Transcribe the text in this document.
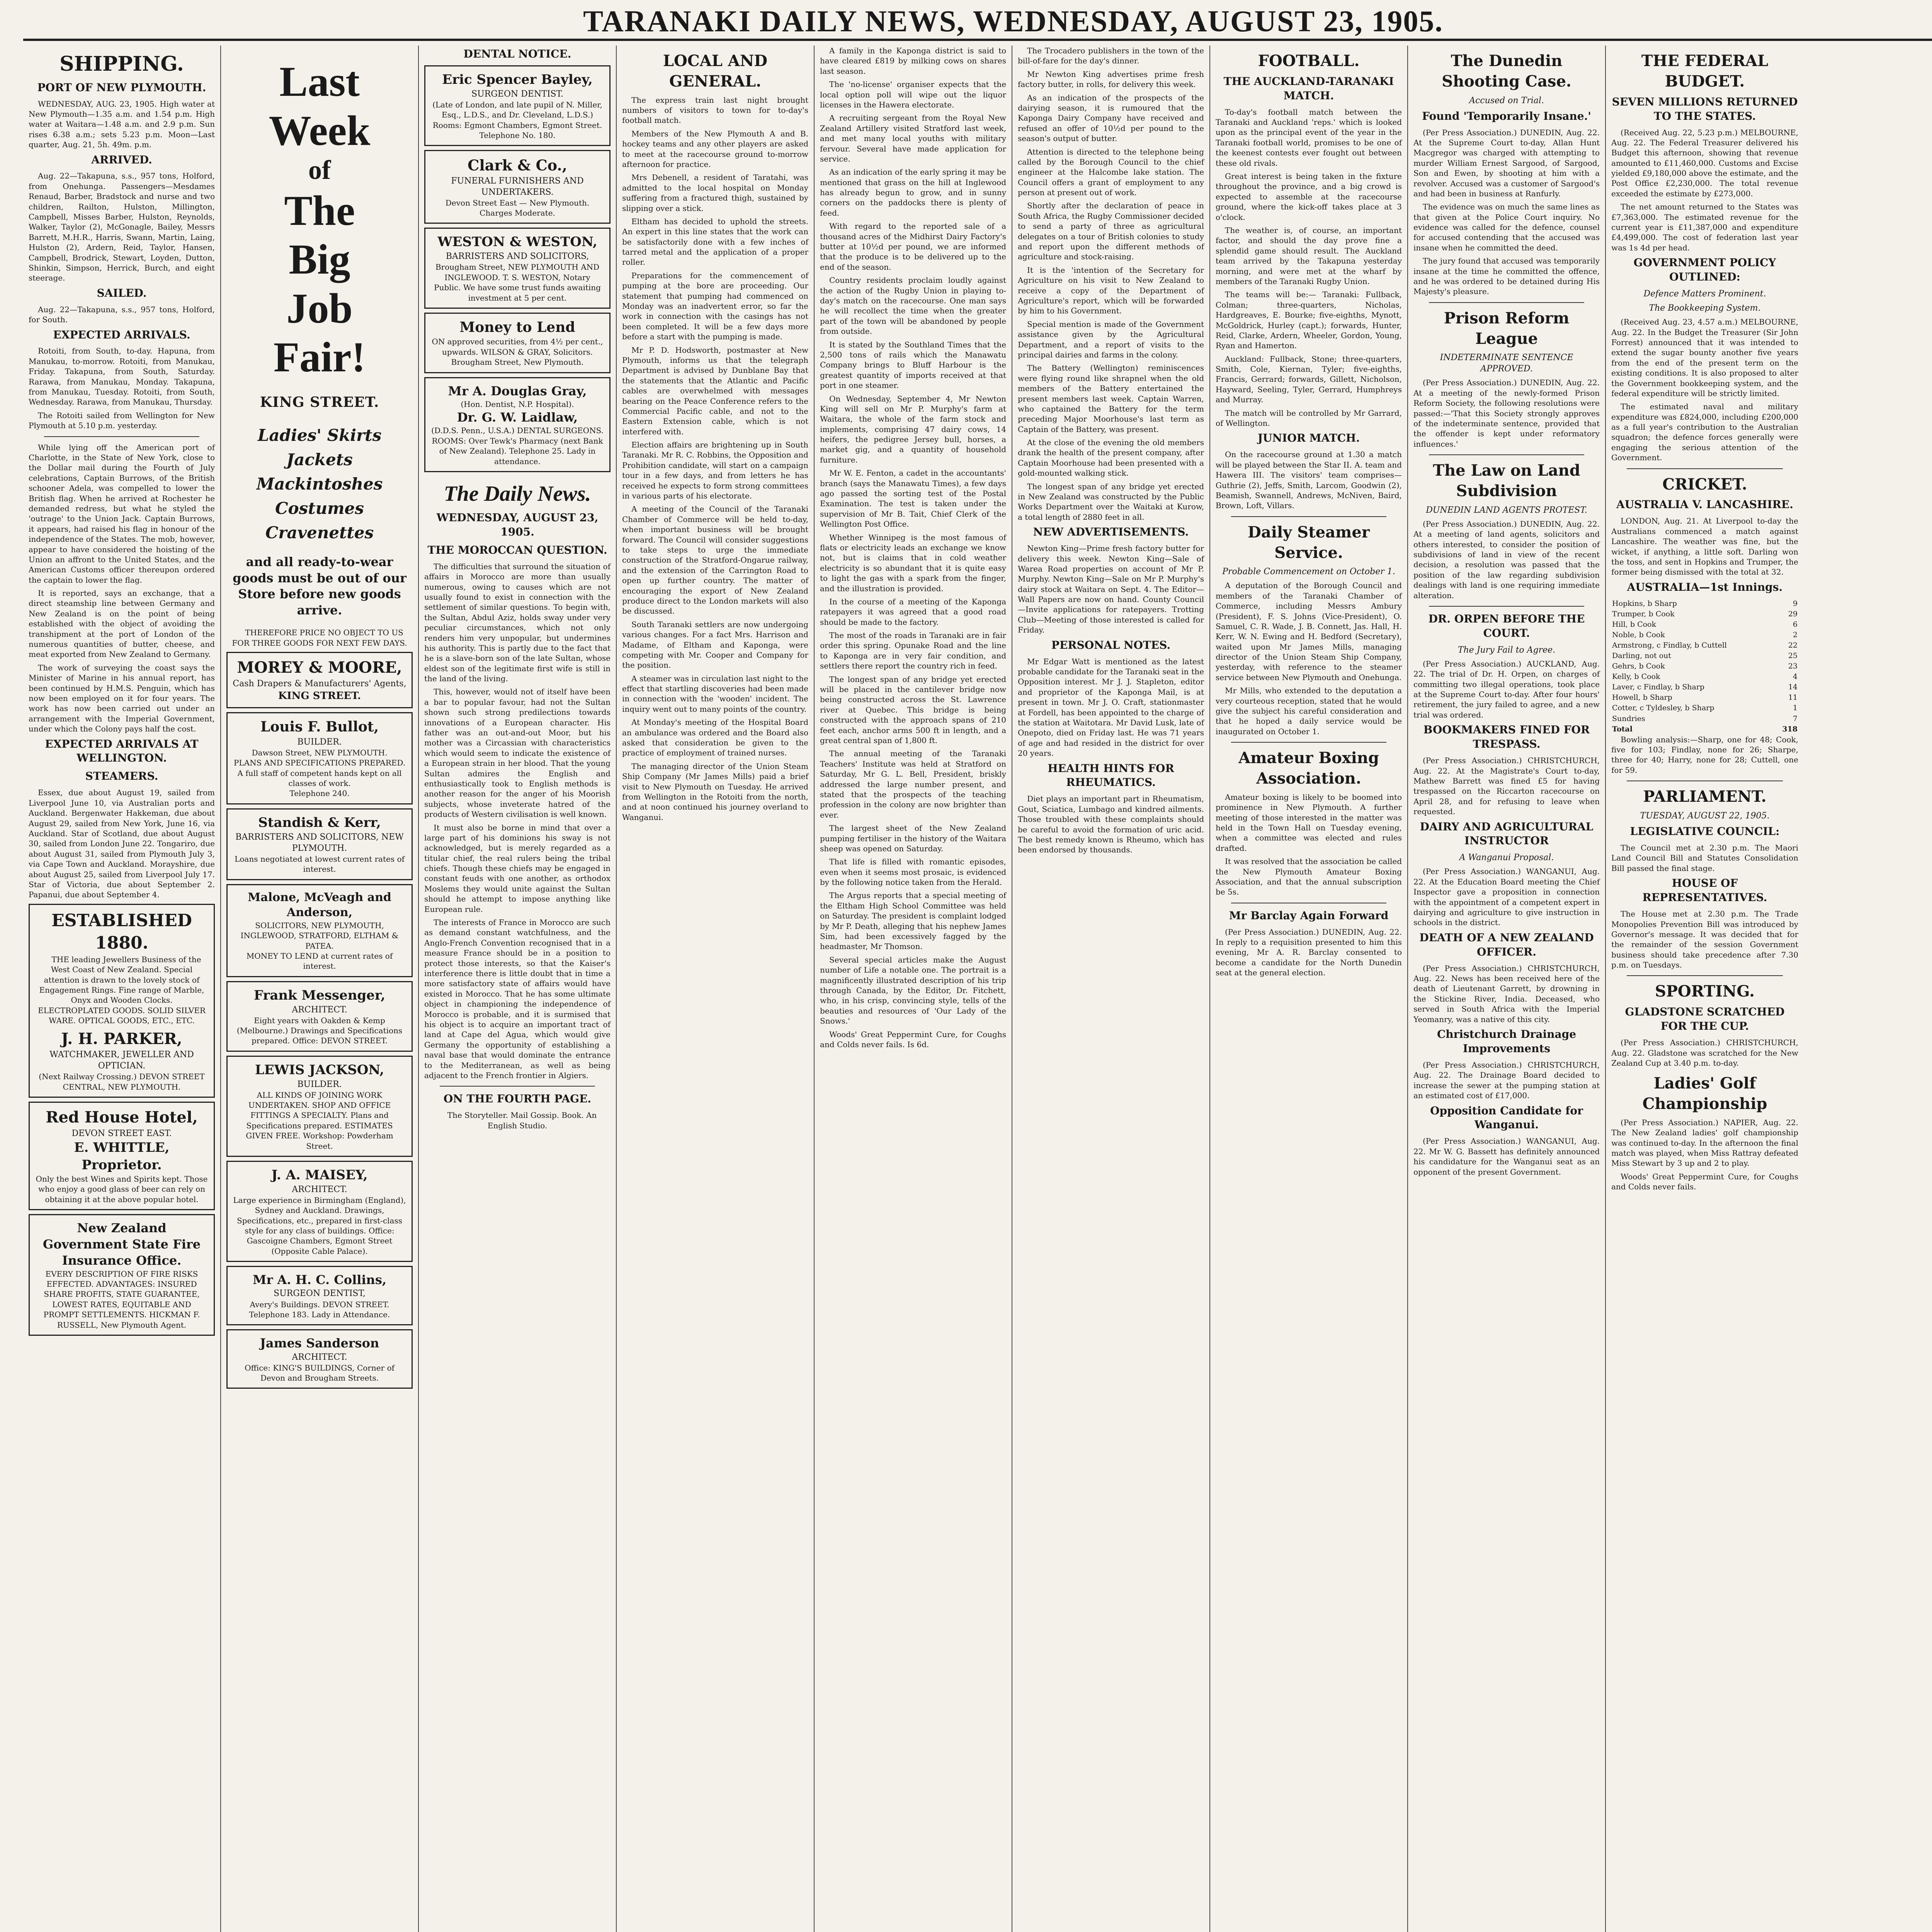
TARANAKI DAILY NEWS, WEDNESDAY, AUGUST 23, 1905.
SHIPPING.
PORT OF NEW PLYMOUTH.

WEDNESDAY, AUG. 23, 1905. High water at New Plymouth—1.35 a.m. and 1.54 p.m. High water at Waitara—1.48 a.m. and 2.9 p.m. Sun rises 6.38 a.m.; sets 5.23 p.m. Moon—Last quarter, Aug. 21, 5h. 49m. p.m.

ARRIVED.

Aug. 22—Takapuna, s.s., 957 tons, Holford, from Onehunga. Passengers—Mesdames Renaud, Barber, Bradstock and nurse and two children, Railton, Hulston, Millington, Campbell, Misses Barber, Hulston, Reynolds, Walker, Taylor (2), McGonagle, Bailey, Messrs Barrett, M.H.R., Harris, Swann, Martin, Laing, Hulston (2), Ardern, Reid, Taylor, Hansen, Campbell, Brodrick, Stewart, Loyden, Dutton, Shinkin, Simpson, Herrick, Burch, and eight steerage.

SAILED.

Aug. 22—Takapuna, s.s., 957 tons, Holford, for South.

EXPECTED ARRIVALS.

Rotoiti, from South, to-day. Hapuna, from Manukau, to-morrow. Rotoiti, from Manukau, Friday. Takapuna, from South, Saturday. Rarawa, from Manukau, Monday. Takapuna, from Manukau, Tuesday. Rotoiti, from South, Wednesday. Rarawa, from Manukau, Thursday.

The Rotoiti sailed from Wellington for New Plymouth at 5.10 p.m. yesterday.

While lying off the American port of Charlotte, in the State of New York, close to the Dollar mail during the Fourth of July celebrations, Captain Burrows, of the British schooner Adela, was compelled to lower the British flag. When he arrived at Rochester he demanded redress, but what he styled the 'outrage' to the Union Jack. Captain Burrows, it appears, had raised his flag in honour of the independence of the States. The mob, however, appear to have considered the hoisting of the Union an affront to the United States, and the American Customs officer thereupon ordered the captain to lower the flag.

It is reported, says an exchange, that a direct steamship line between Germany and New Zealand is on the point of being established with the object of avoiding the transhipment at the port of London of the numerous quantities of butter, cheese, and meat exported from New Zealand to Germany.

The work of surveying the coast says the Minister of Marine in his annual report, has been continued by H.M.S. Penguin, which has now been employed on it for four years. The work has now been carried out under an arrangement with the Imperial Government, under which the Colony pays half the cost.

EXPECTED ARRIVALS AT WELLINGTON.
STEAMERS.

Essex, due about August 19, sailed from Liverpool June 10, via Australian ports and Auckland. Bergenwater Hakkeman, due about August 29, sailed from New York, June 16, via Auckland. Star of Scotland, due about August 30, sailed from London June 22. Tongariro, due about August 31, sailed from Plymouth July 3, via Cape Town and Auckland. Morayshire, due about August 25, sailed from Liverpool July 17. Star of Victoria, due about September 2. Papanui, due about September 4.

ESTABLISHED 1880.

THE leading Jewellers Business of the West Coast of New Zealand. Special attention is drawn to the lovely stock of Engagement Rings. Fine range of Marble, Onyx and Wooden Clocks. ELECTROPLATED GOODS. SOLID SILVER WARE. OPTICAL GOODS, ETC., ETC.

J. H. PARKER,
WATCHMAKER, JEWELLER AND OPTICIAN.
(Next Railway Crossing.) DEVON STREET CENTRAL, NEW PLYMOUTH.
Red House Hotel,
DEVON STREET EAST.
E. WHITTLE, Proprietor.
Only the best Wines and Spirits kept. Those who enjoy a good glass of beer can rely on obtaining it at the above popular hotel.
New Zealand Government State Fire Insurance Office.
EVERY DESCRIPTION OF FIRE RISKS EFFECTED. ADVANTAGES: INSURED SHARE PROFITS, STATE GUARANTEE, LOWEST RATES, EQUITABLE AND PROMPT SETTLEMENTS. HICKMAN F. RUSSELL, New Plymouth Agent.
Last
Week
of
The
Big
Job
Fair!
KING STREET.
Ladies' Skirts
Jackets
Mackintoshes
Costumes
Cravenettes
and all ready-to-wear goods must be out of our Store before new goods arrive.

THEREFORE PRICE NO OBJECT TO US FOR THREE GOODS FOR NEXT FEW DAYS.

MOREY & MOORE,
Cash Drapers & Manufacturers' Agents,
KING STREET.
Louis F. Bullot,
BUILDER.
Dawson Street, NEW PLYMOUTH.
PLANS AND SPECIFICATIONS PREPARED. A full staff of competent hands kept on all classes of work.
Telephone 240.
Standish & Kerr,
BARRISTERS AND SOLICITORS, NEW PLYMOUTH.
Loans negotiated at lowest current rates of interest.
Malone, McVeagh and Anderson,
SOLICITORS, NEW PLYMOUTH, INGLEWOOD, STRATFORD, ELTHAM & PATEA.
MONEY TO LEND at current rates of interest.
Frank Messenger,
ARCHITECT.
Eight years with Oakden & Kemp (Melbourne.) Drawings and Specifications prepared. Office: DEVON STREET.
LEWIS JACKSON,
BUILDER.
ALL KINDS OF JOINING WORK UNDERTAKEN. SHOP AND OFFICE FITTINGS A SPECIALTY. Plans and Specifications prepared. ESTIMATES GIVEN FREE. Workshop: Powderham Street.
J. A. MAISEY,
ARCHITECT.
Large experience in Birmingham (England), Sydney and Auckland. Drawings, Specifications, etc., prepared in first-class style for any class of buildings. Office: Gascoigne Chambers, Egmont Street (Opposite Cable Palace).
Mr A. H. C. Collins,
SURGEON DENTIST,
Avery's Buildings. DEVON STREET. Telephone 183. Lady in Attendance.
James Sanderson
ARCHITECT.
Office: KING'S BUILDINGS, Corner of Devon and Brougham Streets.
DENTAL NOTICE.
Eric Spencer Bayley,
SURGEON DENTIST.
(Late of London, and late pupil of N. Miller, Esq., L.D.S., and Dr. Cleveland, L.D.S.) Rooms: Egmont Chambers, Egmont Street. Telephone No. 180.
Clark & Co.,
FUNERAL FURNISHERS AND UNDERTAKERS.
Devon Street East — New Plymouth. Charges Moderate.
WESTON & WESTON,
BARRISTERS AND SOLICITORS,
Brougham Street, NEW PLYMOUTH AND INGLEWOOD. T. S. WESTON, Notary Public. We have some trust funds awaiting investment at 5 per cent.
Money to Lend
ON approved securities, from 4½ per cent., upwards. WILSON & GRAY, Solicitors. Brougham Street, New Plymouth.
Mr A. Douglas Gray,
(Hon. Dentist, N.P. Hospital).
Dr. G. W. Laidlaw,
(D.D.S. Penn., U.S.A.) DENTAL SURGEONS. ROOMS: Over Tewk's Pharmacy (next Bank of New Zealand). Telephone 25. Lady in attendance.
The Daily News.
WEDNESDAY, AUGUST 23, 1905.
THE MOROCCAN QUESTION.

The difficulties that surround the situation of affairs in Morocco are more than usually numerous, owing to causes which are not usually found to exist in connection with the settlement of similar questions. To begin with, the Sultan, Abdul Aziz, holds sway under very peculiar circumstances, which not only renders him very unpopular, but undermines his authority. This is partly due to the fact that he is a slave-born son of the late Sultan, whose eldest son of the legitimate first wife is still in the land of the living.

This, however, would not of itself have been a bar to popular favour, had not the Sultan shown such strong predilections towards innovations of a European character. His father was an out-and-out Moor, but his mother was a Circassian with characteristics which would seem to indicate the existence of a European strain in her blood. That the young Sultan admires the English and enthusiastically took to English methods is another reason for the anger of his Moorish subjects, whose inveterate hatred of the products of Western civilisation is well known.

It must also be borne in mind that over a large part of his dominions his sway is not acknowledged, but is merely regarded as a titular chief, the real rulers being the tribal chiefs. Though these chiefs may be engaged in constant feuds with one another, as orthodox Moslems they would unite against the Sultan should he attempt to impose anything like European rule.

The interests of France in Morocco are such as demand constant watchfulness, and the Anglo-French Convention recognised that in a measure France should be in a position to protect those interests, so that the Kaiser's interference there is little doubt that in time a more satisfactory state of affairs would have existed in Morocco. That he has some ultimate object in championing the independence of Morocco is probable, and it is surmised that his object is to acquire an important tract of land at Cape del Agua, which would give Germany the opportunity of establishing a naval base that would dominate the entrance to the Mediterranean, as well as being adjacent to the French frontier in Algiers.

ON THE FOURTH PAGE.

The Storyteller. Mail Gossip. Book. An English Studio.

LOCAL AND GENERAL.

The express train last night brought numbers of visitors to town for to-day's football match.

Members of the New Plymouth A and B. hockey teams and any other players are asked to meet at the racecourse ground to-morrow afternoon for practice.

Mrs Debenell, a resident of Taratahi, was admitted to the local hospital on Monday suffering from a fractured thigh, sustained by slipping over a stick.

Eltham has decided to uphold the streets. An expert in this line states that the work can be satisfactorily done with a few inches of tarred metal and the application of a proper roller.

Preparations for the commencement of pumping at the bore are proceeding. Our statement that pumping had commenced on Monday was an inadvertent error, so far the work in connection with the casings has not been completed. It will be a few days more before a start with the pumping is made.

Mr P. D. Hodsworth, postmaster at New Plymouth, informs us that the telegraph Department is advised by Dunblane Bay that the statements that the Atlantic and Pacific cables are overwhelmed with messages bearing on the Peace Conference refers to the Commercial Pacific cable, and not to the Eastern Extension cable, which is not interfered with.

Election affairs are brightening up in South Taranaki. Mr R. C. Robbins, the Opposition and Prohibition candidate, will start on a campaign tour in a few days, and from letters he has received he expects to form strong committees in various parts of his electorate.

A meeting of the Council of the Taranaki Chamber of Commerce will be held to-day, when important business will be brought forward. The Council will consider suggestions to take steps to urge the immediate construction of the Stratford-Ongarue railway, and the extension of the Carrington Road to open up further country. The matter of encouraging the export of New Zealand produce direct to the London markets will also be discussed.

South Taranaki settlers are now undergoing various changes. For a fact Mrs. Harrison and Madame, of Eltham and Kaponga, were competing with Mr. Cooper and Company for the position.

A steamer was in circulation last night to the effect that startling discoveries had been made in connection with the 'wooden' incident. The inquiry went out to many points of the country.

At Monday's meeting of the Hospital Board an ambulance was ordered and the Board also asked that consideration be given to the practice of employment of trained nurses.

The managing director of the Union Steam Ship Company (Mr James Mills) paid a brief visit to New Plymouth on Tuesday. He arrived from Wellington in the Rotoiti from the north, and at noon continued his journey overland to Wanganui.

A family in the Kaponga district is said to have cleared £819 by milking cows on shares last season.

The 'no-license' organiser expects that the local option poll will wipe out the liquor licenses in the Hawera electorate.

A recruiting sergeant from the Royal New Zealand Artillery visited Stratford last week, and met many local youths with military fervour. Several have made application for service.

As an indication of the early spring it may be mentioned that grass on the hill at Inglewood has already begun to grow, and in sunny corners on the paddocks there is plenty of feed.

With regard to the reported sale of a thousand acres of the Midhirst Dairy Factory's butter at 10½d per pound, we are informed that the produce is to be delivered up to the end of the season.

Country residents proclaim loudly against the action of the Rugby Union in playing to-day's match on the racecourse. One man says he will recollect the time when the greater part of the town will be abandoned by people from outside.

It is stated by the Southland Times that the 2,500 tons of rails which the Manawatu Company brings to Bluff Harbour is the greatest quantity of imports received at that port in one steamer.

On Wednesday, September 4, Mr Newton King will sell on Mr P. Murphy's farm at Waitara, the whole of the farm stock and implements, comprising 47 dairy cows, 14 heifers, the pedigree Jersey bull, horses, a market gig, and a quantity of household furniture.

Mr W. E. Fenton, a cadet in the accountants' branch (says the Manawatu Times), a few days ago passed the sorting test of the Postal Examination. The test is taken under the supervision of Mr B. Tait, Chief Clerk of the Wellington Post Office.

Whether Winnipeg is the most famous of flats or electricity leads an exchange we know not, but is claims that in cold weather electricity is so abundant that it is quite easy to light the gas with a spark from the finger, and the illustration is provided.

In the course of a meeting of the Kaponga ratepayers it was agreed that a good road should be made to the factory.

The most of the roads in Taranaki are in fair order this spring. Opunake Road and the line to Kaponga are in very fair condition, and settlers there report the country rich in feed.

The longest span of any bridge yet erected will be placed in the cantilever bridge now being constructed across the St. Lawrence river at Quebec. This bridge is being constructed with the approach spans of 210 feet each, anchor arms 500 ft in length, and a great central span of 1,800 ft.

The annual meeting of the Taranaki Teachers' Institute was held at Stratford on Saturday, Mr G. L. Bell, President, briskly addressed the large number present, and stated that the prospects of the teaching profession in the colony are now brighter than ever.

The largest sheet of the New Zealand pumping fertiliser in the history of the Waitara sheep was opened on Saturday.

That life is filled with romantic episodes, even when it seems most prosaic, is evidenced by the following notice taken from the Herald.

The Argus reports that a special meeting of the Eltham High School Committee was held on Saturday. The president is complaint lodged by Mr P. Death, alleging that his nephew James Sim, had been excessively fagged by the headmaster, Mr Thomson.

Several special articles make the August number of Life a notable one. The portrait is a magnificently illustrated description of his trip through Canada, by the Editor, Dr. Fitchett, who, in his crisp, convincing style, tells of the beauties and resources of 'Our Lady of the Snows.'

Woods' Great Peppermint Cure, for Coughs and Colds never fails. Is 6d.

The Trocadero publishers in the town of the bill-of-fare for the day's dinner.

Mr Newton King advertises prime fresh factory butter, in rolls, for delivery this week.

As an indication of the prospects of the dairying season, it is rumoured that the Kaponga Dairy Company have received and refused an offer of 10½d per pound to the season's output of butter.

Attention is directed to the telephone being called by the Borough Council to the chief engineer at the Halcombe lake station. The Council offers a grant of employment to any person at present out of work.

Shortly after the declaration of peace in South Africa, the Rugby Commissioner decided to send a party of three as agricultural delegates on a tour of British colonies to study and report upon the different methods of agriculture and stock-raising.

It is the 'intention of the Secretary for Agriculture on his visit to New Zealand to receive a copy of the Department of Agriculture's report, which will be forwarded by him to his Government.

Special mention is made of the Government assistance given by the Agricultural Department, and a report of visits to the principal dairies and farms in the colony.

The Battery (Wellington) reminiscences were flying round like shrapnel when the old members of the Battery entertained the present members last week. Captain Warren, who captained the Battery for the term preceding Major Moorhouse's last term as Captain of the Battery, was present.

At the close of the evening the old members drank the health of the present company, after Captain Moorhouse had been presented with a gold-mounted walking stick.

The longest span of any bridge yet erected in New Zealand was constructed by the Public Works Department over the Waitaki at Kurow, a total length of 2880 feet in all.

NEW ADVERTISEMENTS.

Newton King—Prime fresh factory butter for delivery this week. Newton King—Sale of Warea Road properties on account of Mr P. Murphy. Newton King—Sale on Mr P. Murphy's dairy stock at Waitara on Sept. 4. The Editor—Wall Papers are now on hand. County Council—Invite applications for ratepayers. Trotting Club—Meeting of those interested is called for Friday.

PERSONAL NOTES.

Mr Edgar Watt is mentioned as the latest probable candidate for the Taranaki seat in the Opposition interest. Mr J. J. Stapleton, editor and proprietor of the Kaponga Mail, is at present in town. Mr J. O. Craft, stationmaster at Fordell, has been appointed to the charge of the station at Waitotara. Mr David Lusk, late of Onepoto, died on Friday last. He was 71 years of age and had resided in the district for over 20 years.

HEALTH HINTS FOR RHEUMATICS.

Diet plays an important part in Rheumatism, Gout, Sciatica, Lumbago and kindred ailments. Those troubled with these complaints should be careful to avoid the formation of uric acid. The best remedy known is Rheumo, which has been endorsed by thousands.

FOOTBALL.
THE AUCKLAND-TARANAKI MATCH.

To-day's football match between the Taranaki and Auckland 'reps.' which is looked upon as the principal event of the year in the Taranaki football world, promises to be one of the keenest contests ever fought out between these old rivals.

Great interest is being taken in the fixture throughout the province, and a big crowd is expected to assemble at the racecourse ground, where the kick-off takes place at 3 o'clock.

The weather is, of course, an important factor, and should the day prove fine a splendid game should result. The Auckland team arrived by the Takapuna yesterday morning, and were met at the wharf by members of the Taranaki Rugby Union.

The teams will be:— Taranaki: Fullback, Colman; three-quarters, Nicholas, Hardgreaves, E. Bourke; five-eighths, Mynott, McGoldrick, Hurley (capt.); forwards, Hunter, Reid, Clarke, Ardern, Wheeler, Gordon, Young, Ryan and Hamerton.

Auckland: Fullback, Stone; three-quarters, Smith, Cole, Kiernan, Tyler; five-eighths, Francis, Gerrard; forwards, Gillett, Nicholson, Hayward, Seeling, Tyler, Gerrard, Humphreys and Murray.

The match will be controlled by Mr Garrard, of Wellington.

JUNIOR MATCH.

On the racecourse ground at 1.30 a match will be played between the Star II. A. team and Hawera III. The visitors' team comprises—Guthrie (2), Jeffs, Smith, Larcom, Goodwin (2), Beamish, Swannell, Andrews, McNiven, Baird, Brown, Loft, Villars.

Daily Steamer Service.
Probable Commencement on October 1.

A deputation of the Borough Council and members of the Taranaki Chamber of Commerce, including Messrs Ambury (President), F. S. Johns (Vice-President), O. Samuel, C. R. Wade, J. B. Connett, Jas. Hall, H. Kerr, W. N. Ewing and H. Bedford (Secretary), waited upon Mr James Mills, managing director of the Union Steam Ship Company, yesterday, with reference to the steamer service between New Plymouth and Onehunga.

Mr Mills, who extended to the deputation a very courteous reception, stated that he would give the subject his careful consideration and that he hoped a daily service would be inaugurated on October 1.

Amateur Boxing Association.

Amateur boxing is likely to be boomed into prominence in New Plymouth. A further meeting of those interested in the matter was held in the Town Hall on Tuesday evening, when a committee was elected and rules drafted.

It was resolved that the association be called the New Plymouth Amateur Boxing Association, and that the annual subscription be 5s.

Mr Barclay Again Forward

(Per Press Association.) DUNEDIN, Aug. 22. In reply to a requisition presented to him this evening, Mr A. R. Barclay consented to become a candidate for the North Dunedin seat at the general election.

The Dunedin Shooting Case.
Accused on Trial.
Found 'Temporarily Insane.'

(Per Press Association.) DUNEDIN, Aug. 22. At the Supreme Court to-day, Allan Hunt Macgregor was charged with attempting to murder William Ernest Sargood, of Sargood, Son and Ewen, by shooting at him with a revolver. Accused was a customer of Sargood's and had been in business at Ranfurly.

The evidence was on much the same lines as that given at the Police Court inquiry. No evidence was called for the defence, counsel for accused contending that the accused was insane when he committed the deed.

The jury found that accused was temporarily insane at the time he committed the offence, and he was ordered to be detained during His Majesty's pleasure.

Prison Reform League
INDETERMINATE SENTENCE APPROVED.

(Per Press Association.) DUNEDIN, Aug. 22. At a meeting of the newly-formed Prison Reform Society, the following resolutions were passed:—'That this Society strongly approves of the indeterminate sentence, provided that the offender is kept under reformatory influences.'

The Law on Land Subdivision
DUNEDIN LAND AGENTS PROTEST.

(Per Press Association.) DUNEDIN, Aug. 22. At a meeting of land agents, solicitors and others interested, to consider the position of subdivisions of land in view of the recent decision, a resolution was passed that the position of the law regarding subdivision dealings with land is one requiring immediate alteration.

DR. ORPEN BEFORE THE COURT.
The Jury Fail to Agree.

(Per Press Association.) AUCKLAND, Aug. 22. The trial of Dr. H. Orpen, on charges of committing two illegal operations, took place at the Supreme Court to-day. After four hours' retirement, the jury failed to agree, and a new trial was ordered.

BOOKMAKERS FINED FOR TRESPASS.

(Per Press Association.) CHRISTCHURCH, Aug. 22. At the Magistrate's Court to-day, Mathew Barrett was fined £5 for having trespassed on the Riccarton racecourse on April 28, and for refusing to leave when requested.

DAIRY AND AGRICULTURAL INSTRUCTOR
A Wanganui Proposal.

(Per Press Association.) WANGANUI, Aug. 22. At the Education Board meeting the Chief Inspector gave a proposition in connection with the appointment of a competent expert in dairying and agriculture to give instruction in schools in the district.

DEATH OF A NEW ZEALAND OFFICER.

(Per Press Association.) CHRISTCHURCH, Aug. 22. News has been received here of the death of Lieutenant Garrett, by drowning in the Stickine River, India. Deceased, who served in South Africa with the Imperial Yeomanry, was a native of this city.

Christchurch Drainage Improvements

(Per Press Association.) CHRISTCHURCH, Aug. 22. The Drainage Board decided to increase the sewer at the pumping station at an estimated cost of £17,000.

Opposition Candidate for Wanganui.

(Per Press Association.) WANGANUI, Aug. 22. Mr W. G. Bassett has definitely announced his candidature for the Wanganui seat as an opponent of the present Government.

THE FEDERAL BUDGET.
SEVEN MILLIONS RETURNED TO THE STATES.

(Received Aug. 22, 5.23 p.m.) MELBOURNE, Aug. 22. The Federal Treasurer delivered his Budget this afternoon, showing that revenue amounted to £11,460,000. Customs and Excise yielded £9,180,000 above the estimate, and the Post Office £2,230,000. The total revenue exceeded the estimate by £273,000.

The net amount returned to the States was £7,363,000. The estimated revenue for the current year is £11,387,000 and expenditure £4,499,000. The cost of federation last year was 1s 4d per head.

GOVERNMENT POLICY OUTLINED:
Defence Matters Prominent.
The Bookkeeping System.

(Received Aug. 23, 4.57 a.m.) MELBOURNE, Aug. 22. In the Budget the Treasurer (Sir John Forrest) announced that it was intended to extend the sugar bounty another five years from the end of the present term on the existing conditions. It is also proposed to alter the Government bookkeeping system, and the federal expenditure will be strictly limited.

The estimated naval and military expenditure was £824,000, including £200,000 as a full year's contribution to the Australian squadron; the defence forces generally were engaging the serious attention of the Government.

CRICKET.
AUSTRALIA V. LANCASHIRE.

LONDON, Aug. 21. At Liverpool to-day the Australians commenced a match against Lancashire. The weather was fine, but the wicket, if anything, a little soft. Darling won the toss, and sent in Hopkins and Trumper, the former being dismissed with the total at 32.

AUSTRALIA—1st Innings.
Hopkins, b Sharp	9
Trumper, b Cook	29
Hill, b Cook	6
Noble, b Cook	2
Armstrong, c Findlay, b Cuttell	22
Darling, not out	25
Gehrs, b Cook	23
Kelly, b Cook	4
Laver, c Findlay, b Sharp	14
Howell, b Sharp	11
Cotter, c Tyldesley, b Sharp	1
Sundries	7
Total	318

Bowling analysis:—Sharp, one for 48; Cook, five for 103; Findlay, none for 26; Sharpe, three for 40; Harry, none for 28; Cuttell, one for 59.

PARLIAMENT.
TUESDAY, AUGUST 22, 1905.
LEGISLATIVE COUNCIL:

The Council met at 2.30 p.m. The Maori Land Council Bill and Statutes Consolidation Bill passed the final stage.

HOUSE OF REPRESENTATIVES.

The House met at 2.30 p.m. The Trade Monopolies Prevention Bill was introduced by Governor's message. It was decided that for the remainder of the session Government business should take precedence after 7.30 p.m. on Tuesdays.

SPORTING.
GLADSTONE SCRATCHED FOR THE CUP.

(Per Press Association.) CHRISTCHURCH, Aug. 22. Gladstone was scratched for the New Zealand Cup at 3.40 p.m. to-day.

Ladies' Golf Championship

(Per Press Association.) NAPIER, Aug. 22. The New Zealand ladies' golf championship was continued to-day. In the afternoon the final match was played, when Miss Rattray defeated Miss Stewart by 3 up and 2 to play.

Woods' Great Peppermint Cure, for Coughs and Colds never fails.
